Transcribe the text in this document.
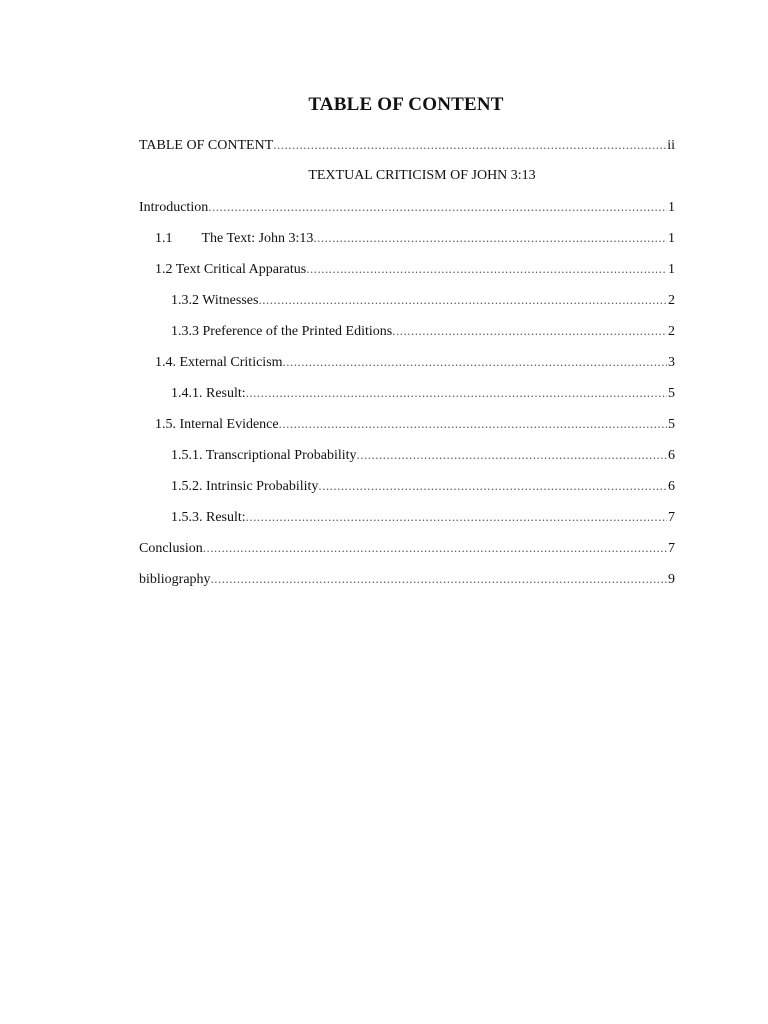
TABLE OF CONTENT
TABLE OF CONTENT .....	ii
TEXTUAL CRITICISM OF JOHN 3:13
Introduction .....	1
1.1 The Text: John 3:13 .....	1
1.2 Text Critical Apparatus .....	1
1.3.2 Witnesses .....	2
1.3.3 Preference of the Printed Editions .....	2
1.4. External Criticism .....	3
1.4.1. Result: .....	5
1.5. Internal Evidence .....	5
1.5.1. Transcriptional Probability .....	6
1.5.2. Intrinsic Probability .....	6
1.5.3. Result: .....	7
Conclusion .....	7
bibliography .....	9
